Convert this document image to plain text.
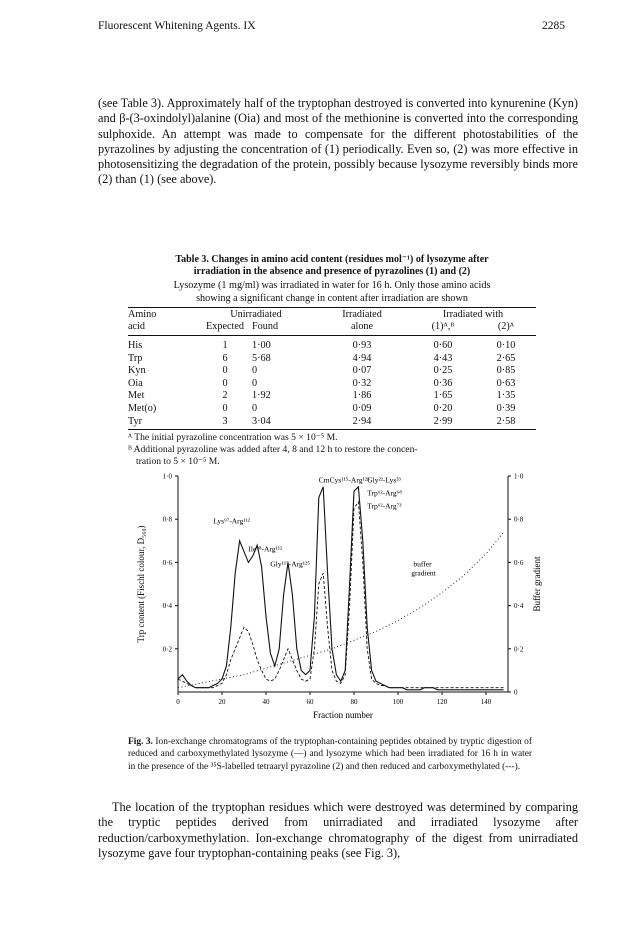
Fluorescent Whitening Agents. IX	2285
(see Table 3). Approximately half of the tryptophan destroyed is converted into kynurenine (Kyn) and β-(3-oxindolyl)alanine (Oia) and most of the methionine is converted into the corresponding sulphoxide. An attempt was made to compensate for the different photostabilities of the pyrazolines by adjusting the concentration of (1) periodically. Even so, (2) was more effective in photosensitizing the degradation of the protein, possibly because lysozyme reversibly binds more (2) than (1) (see above).
Table 3. Changes in amino acid content (residues mol⁻¹) of lysozyme after
irradiation in the absence and presence of pyrazolines (1) and (2)
Lysozyme (1 mg/ml) was irradiated in water for 16 h. Only those amino acids
showing a significant change in content after irradiation are shown
Amino	Unirradiated		Irradiated	Irradiated with	
acid	Expected	Found	alone	(1)ᴬ,ᴮ	(2)ᴬ
His	1	1·00	0·93	0·60	0·10
Trp	6	5·68	4·94	4·43	2·65
Kyn	0	0	0·07	0·25	0·85
Oia	0	0	0·32	0·36	0·63
Met	2	1·92	1·86	1·65	1·35
Met(o)	0	0	0·09	0·20	0·39
Tyr	3	3·04	2·94	2·99	2·58
ᴬ The initial pyrazoline concentration was 5 × 10⁻⁵ M.
ᴮ Additional pyrazoline was added after 4, 8 and 12 h to restore the concen-
tration to 5 × 10⁻⁵ M.
0	20	40	60	80	100	120	140
0·2
0·4
0·6
0·8
1·0
0
0·2
0·4
0·6
0·8
1·0
Fraction number
Trp content (Fischl colour, D₅₆₀)	Buffer gradient
CmCys¹¹⁵-Arg¹²⁵
Gly²²-Lys³³
Trp⁶²-Arg⁶⁸
Trp⁶²-Arg⁷³
Lys⁹⁷-Arg¹¹²
Ile⁹⁸-Arg¹¹²
Gly¹¹⁷-Arg¹²⁵	buffer
gradient
Fig. 3. Ion-exchange chromatograms of the tryptophan-containing peptides obtained by tryptic digestion of reduced and carboxymethylated lysozyme (—) and lysozyme which had been irradiated for 16 h in water in the presence of the ³⁵S-labelled tetraaryl pyrazoline (2) and then reduced and carboxymethylated (---).
The location of the tryptophan residues which were destroyed was determined by comparing the tryptic peptides derived from unirradiated and irradiated lysozyme after reduction/carboxymethylation. Ion-exchange chromatography of the digest from unirradiated lysozyme gave four tryptophan-containing peaks (see Fig. 3),
